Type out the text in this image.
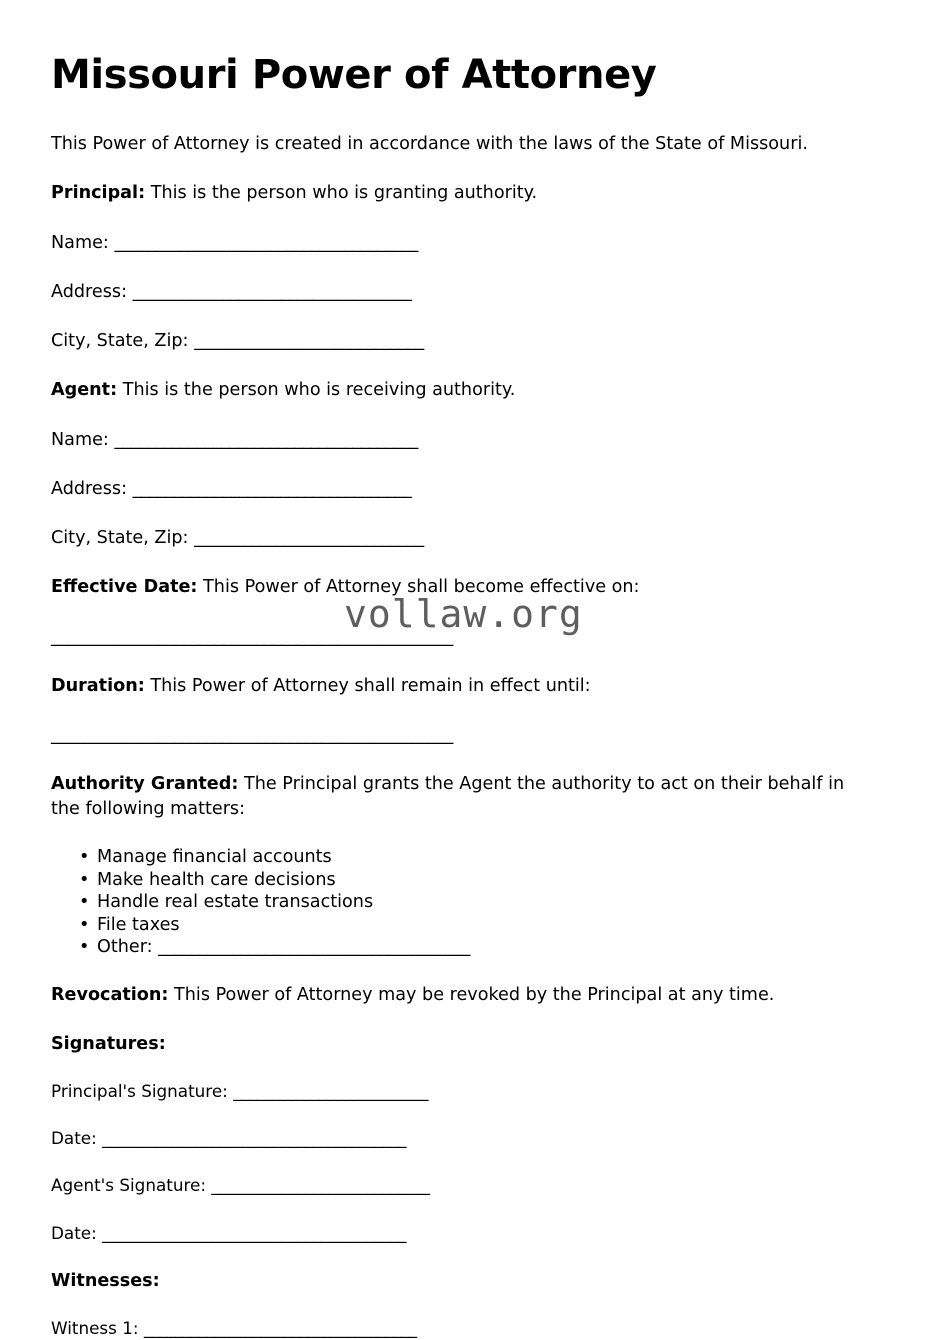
Missouri Power of Attorney

This Power of Attorney is created in accordance with the laws of the State of Missouri.

Principal: This is the person who is granting authority.

Name: _____________________________________

Address: __________________________________

City, State, Zip: ____________________________

Agent: This is the person who is receiving authority.

Name: _____________________________________

Address: __________________________________

City, State, Zip: ____________________________

Effective Date: This Power of Attorney shall become effective on:

_________________________________________________

Duration: This Power of Attorney shall remain in effect until:

_________________________________________________

Authority Granted: The Principal grants the Agent the authority to act on their behalf in the following matters:

• Manage financial accounts
• Make health care decisions
• Handle real estate transactions
• File taxes
• Other: ______________________________________

Revocation: This Power of Attorney may be revoked by the Principal at any time.

Signatures:

Principal's Signature: _________________________

Date: _______________________________________

Agent's Signature: ____________________________

Date: _______________________________________

Witnesses:

Witness 1: ___________________________________

vollaw.org
